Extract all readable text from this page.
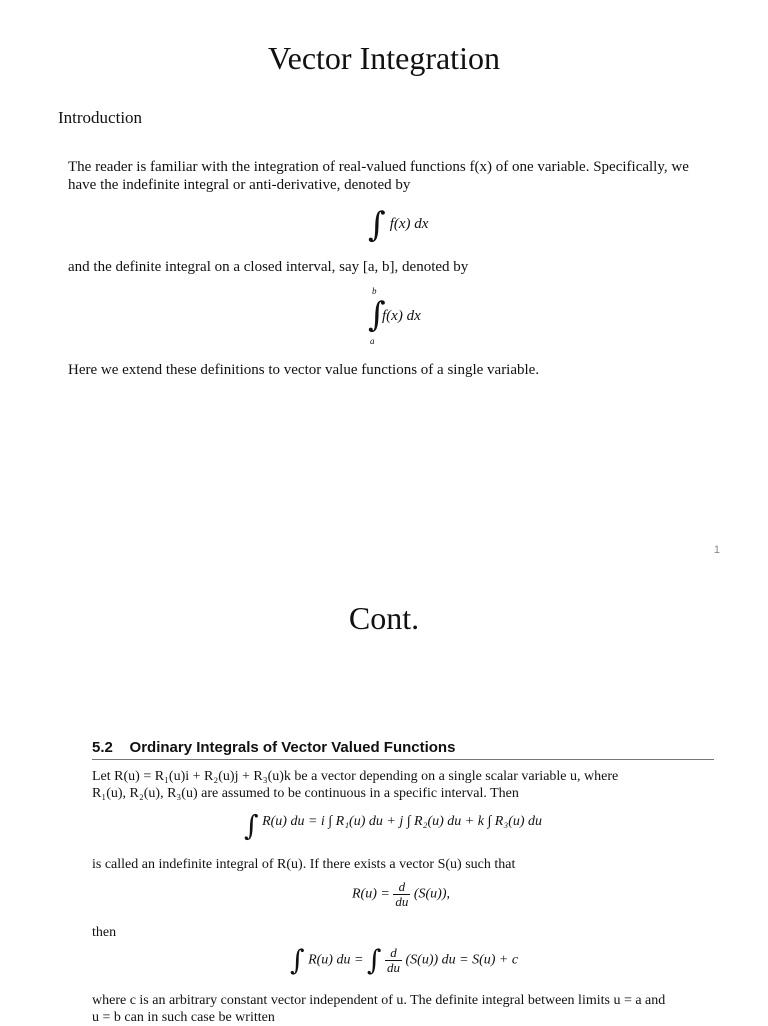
Vector Integration
Introduction
The reader is familiar with the integration of real-valued functions f(x) of one variable. Specifically, we
have the indefinite integral or anti-derivative, denoted by
∫ f(x) dx
and the definite integral on a closed interval, say [a, b], denoted by
b
∫
f(x) dx
a
Here we extend these definitions to vector value functions of a single variable.
1
Cont.
5.2 Ordinary Integrals of Vector Valued Functions
Let R(u) = R₁(u)i + R₂(u)j + R₃(u)k be a vector depending on a single scalar variable u, where
R₁(u), R₂(u), R₃(u) are assumed to be continuous in a specific interval. Then
∫ R(u) du = i ∫ R₁(u) du + j ∫ R₂(u) du + k ∫ R₃(u) du
is called an indefinite integral of R(u). If there exists a vector S(u) such that
$R(u) = \frac{d}{du} (S(u))$,
then
∫ R(u) du = ∫ $\frac{d}{du} (S(u))$ du = S(u) + c
where c is an arbitrary constant vector independent of u. The definite integral between limits u = a and
u = b can in such case be written
